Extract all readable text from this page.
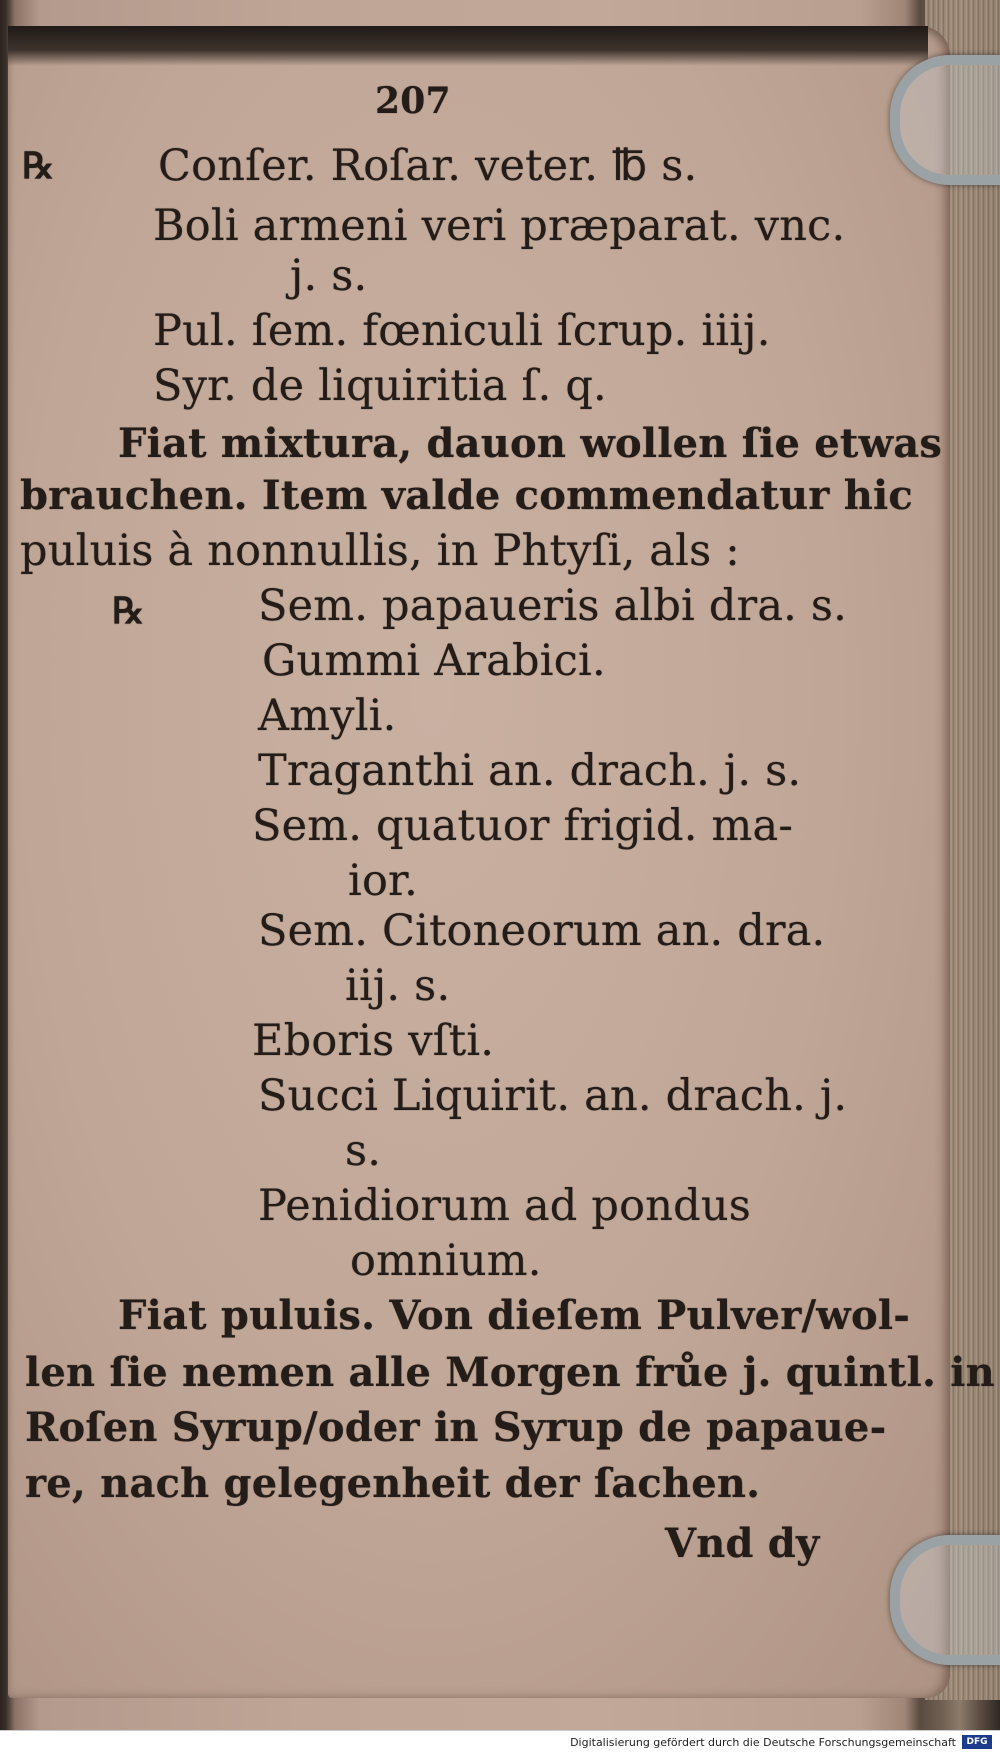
207
℞ Conſer. Roſar. veter. ℔ s.
Boli armeni veri præparat. vnc.
j. s.
Pul. ſem. fœniculi ſcrup. iiij.
Syr. de liquiritia ſ. q.
Fiat mixtura, dauon wollen ſie etwas
brauchen. Item valde commendatur hic
puluis à nonnullis, in Phtyſi, als :
℞	Sem. papaueris albi dra. s.
Gummi Arabici.
Amyli.
Traganthi an. drach. j. s.
Sem. quatuor frigid. ma-
ior.
Sem. Citoneorum an. dra.
iij. s.
Eboris vſti.
Succi Liquirit. an. drach. j.
s.
Penidiorum ad pondus
omnium.
Fiat puluis. Von dieſem Pulver/wol-
len ſie nemen alle Morgen frůe j. quintl. in
Roſen Syrup/oder in Syrup de papaue-
re, nach gelegenheit der ſachen.
Vnd dy
Digitalisierung gefördert durch die Deutsche Forschungsgemeinschaft	DFG
